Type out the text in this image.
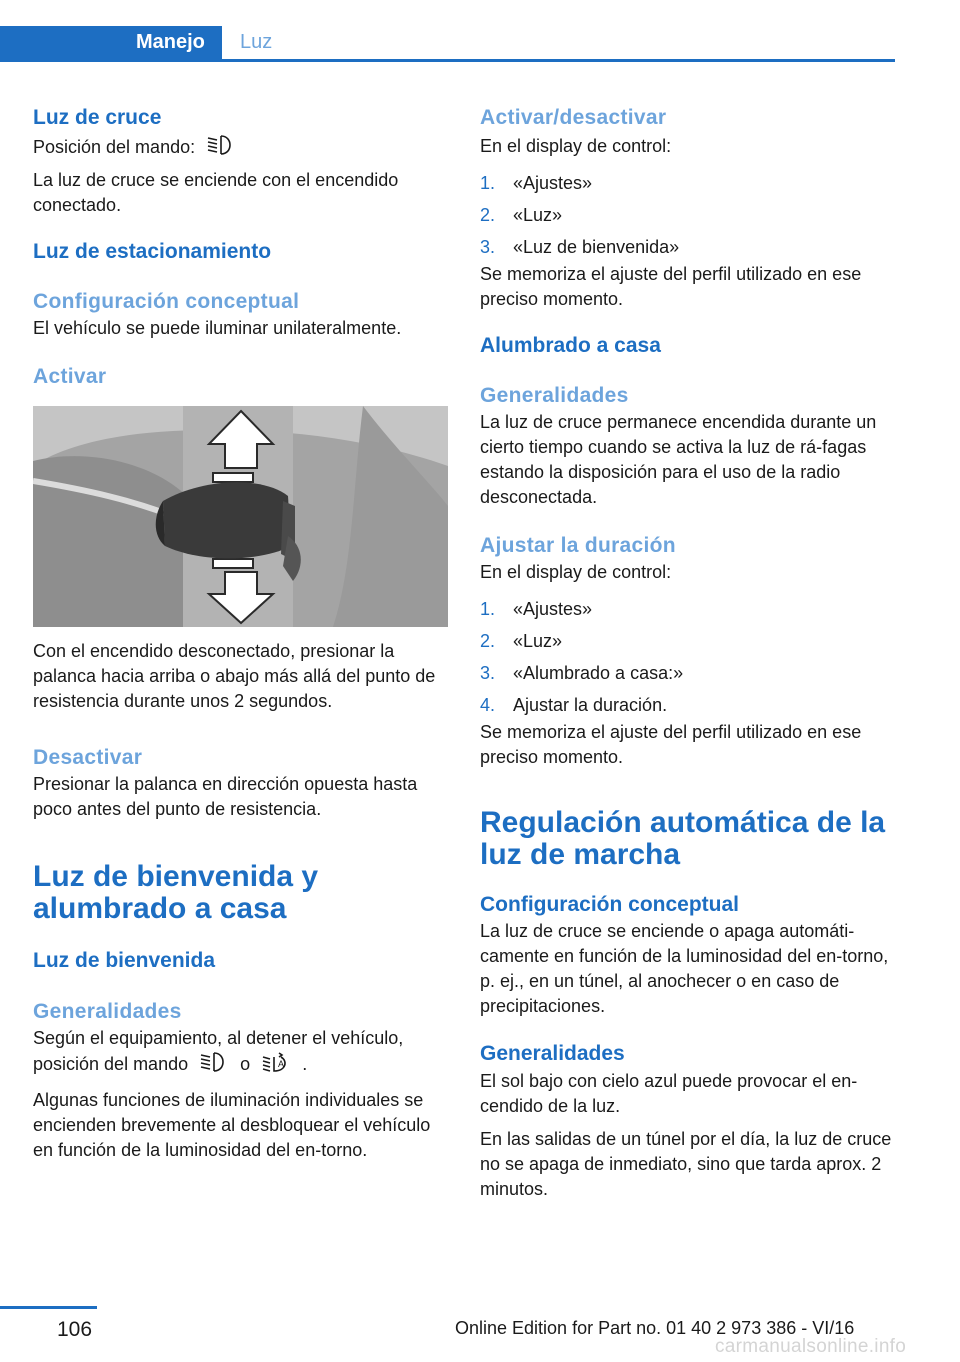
Manejo	Luz
Luz de cruce

Posición del mando:

La luz de cruce se enciende con el encendido conectado.

Luz de estacionamiento
Configuración conceptual

El vehículo se puede iluminar unilateralmente.

Activar

Con el encendido desconectado, presionar la palanca hacia arriba o abajo más allá del punto de resistencia durante unos 2 segundos.

Desactivar

Presionar la palanca en dirección opuesta hasta poco antes del punto de resistencia.

Luz de bienvenida y alumbrado a casa
Luz de bienvenida
Generalidades

Según el equipamiento, al detener el vehículo, posición del mando	o	A .

Algunas funciones de iluminación individuales se encienden brevemente al desbloquear el vehículo en función de la luminosidad del en‐torno.

Activar/desactivar

En el display de control:

1. «Ajustes»
2. «Luz»
3. «Luz de bienvenida»

Se memoriza el ajuste del perfil utilizado en ese preciso momento.

Alumbrado a casa
Generalidades

La luz de cruce permanece encendida durante un cierto tiempo cuando se activa la luz de rá‐fagas estando la disposición para el uso de la radio desconectada.

Ajustar la duración

En el display de control:

1. «Ajustes»
2. «Luz»
3. «Alumbrado a casa:»
4. Ajustar la duración.

Se memoriza el ajuste del perfil utilizado en ese preciso momento.

Regulación automática de la luz de marcha
Configuración conceptual

La luz de cruce se enciende o apaga automáti‐camente en función de la luminosidad del en‐torno, p. ej., en un túnel, al anochecer o en caso de precipitaciones.

Generalidades

El sol bajo con cielo azul puede provocar el en‐cendido de la luz.

En las salidas de un túnel por el día, la luz de cruce no se apaga de inmediato, sino que tarda aprox. 2 minutos.

106	Online Edition for Part no. 01 40 2 973 386 - VI/16
carmanualsonline.info
